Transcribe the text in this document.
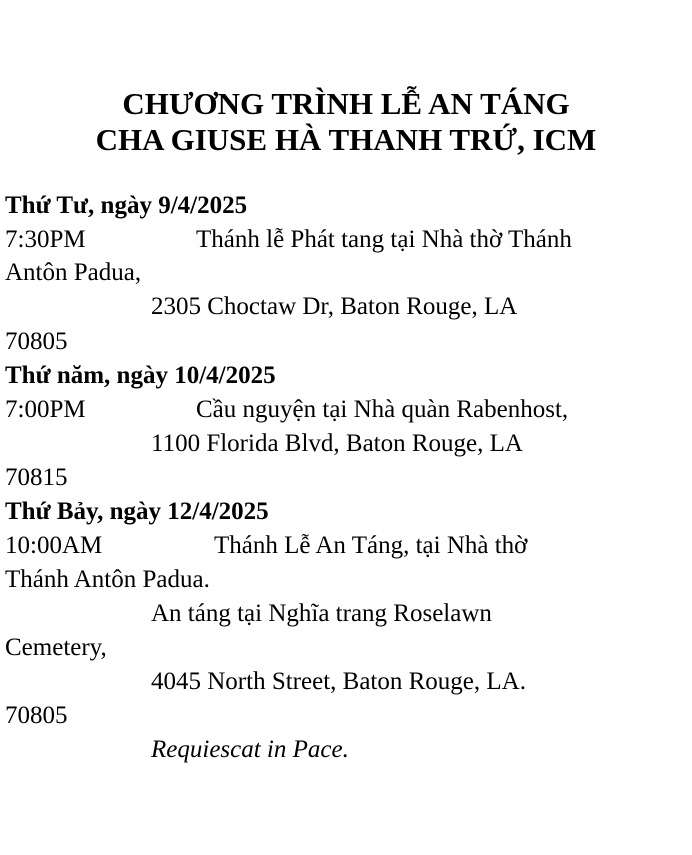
CHƯƠNG TRÌNH LỄ AN TÁNG
CHA GIUSE HÀ THANH TRỨ, ICM
Thứ Tư, ngày 9/4/2025
7:30PM	Thánh lễ Phát tang tại Nhà thờ Thánh
Antôn Padua,
2305 Choctaw Dr, Baton Rouge, LA
70805
Thứ năm, ngày 10/4/2025
7:00PM	Cầu nguyện tại Nhà quàn Rabenhost,
1100 Florida Blvd, Baton Rouge, LA
70815
Thứ Bảy, ngày 12/4/2025
10:00AM	Thánh Lễ An Táng, tại Nhà thờ
Thánh Antôn Padua.
An táng tại Nghĩa trang Roselawn
Cemetery,
4045 North Street, Baton Rouge, LA.
70805
Requiescat in Pace.
